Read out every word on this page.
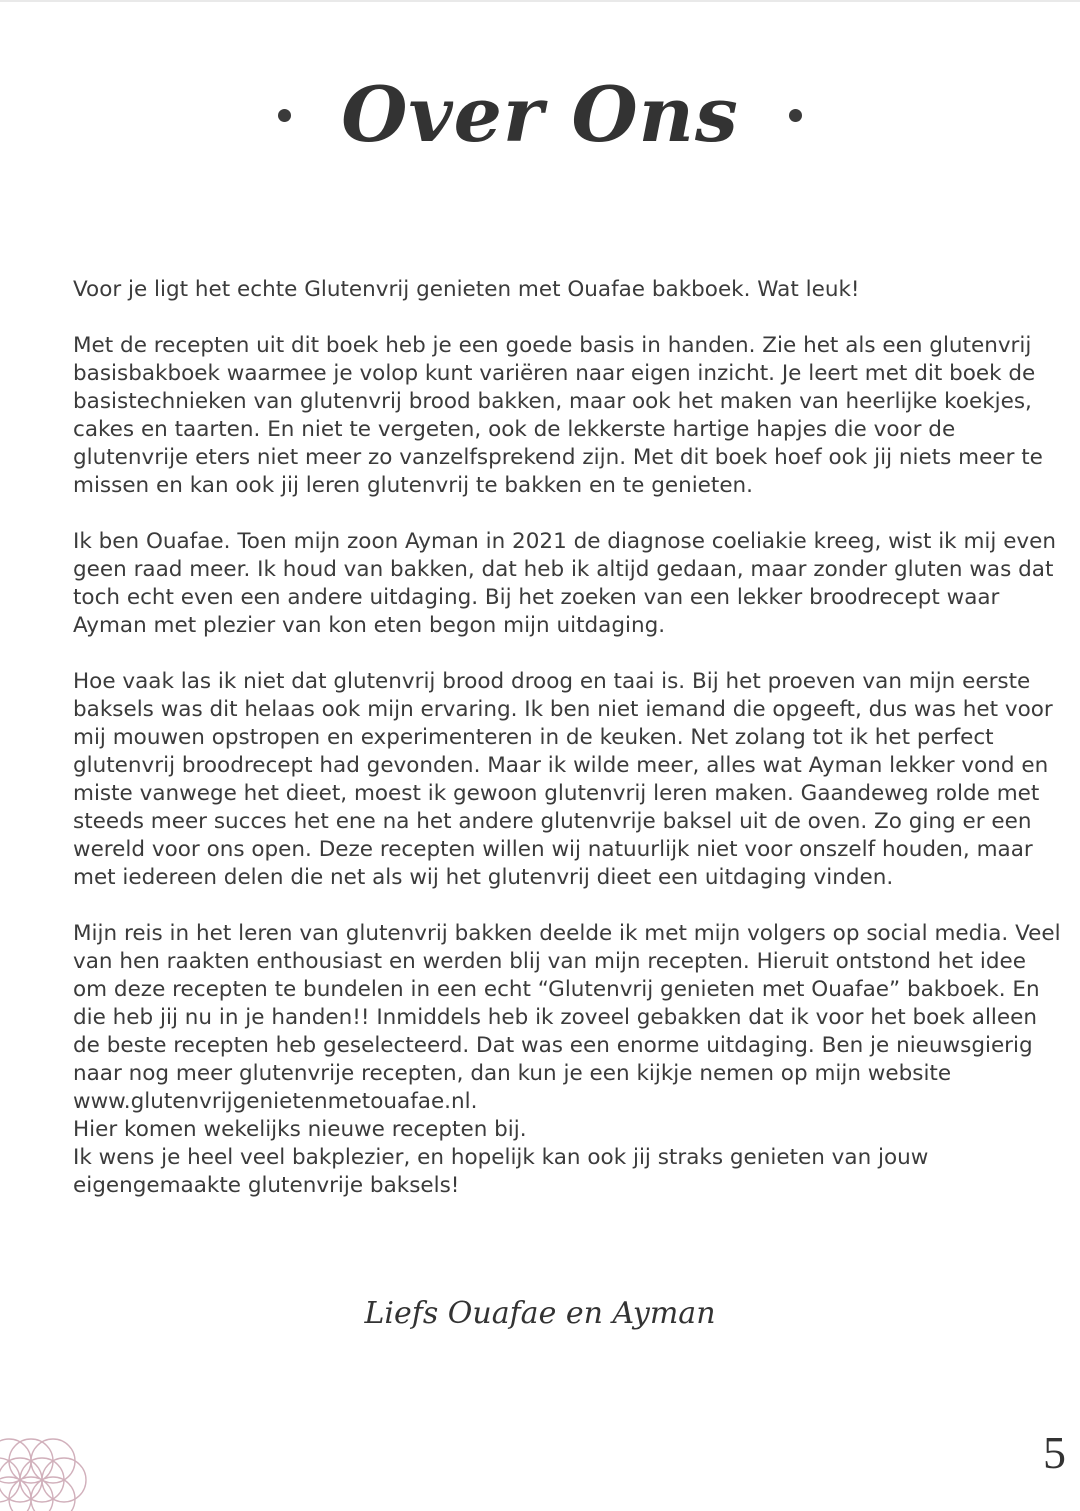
Over Ons

Voor je ligt het echte Glutenvrij genieten met Ouafae bakboek. Wat leuk!

Met de recepten uit dit boek heb je een goede basis in handen. Zie het als een glutenvrij basisbakboek waarmee je volop kunt variëren naar eigen inzicht. Je leert met dit boek de basistechnieken van glutenvrij brood bakken, maar ook het maken van heerlijke koekjes, cakes en taarten. En niet te vergeten, ook de lekkerste hartige hapjes die voor de glutenvrije eters niet meer zo vanzelfsprekend zijn. Met dit boek hoef ook jij niets meer te missen en kan ook jij leren glutenvrij te bakken en te genieten.

Ik ben Ouafae. Toen mijn zoon Ayman in 2021 de diagnose coeliakie kreeg, wist ik mij even geen raad meer. Ik houd van bakken, dat heb ik altijd gedaan, maar zonder gluten was dat toch echt even een andere uitdaging. Bij het zoeken van een lekker broodrecept waar Ayman met plezier van kon eten begon mijn uitdaging.

Hoe vaak las ik niet dat glutenvrij brood droog en taai is. Bij het proeven van mijn eerste baksels was dit helaas ook mijn ervaring. Ik ben niet iemand die opgeeft, dus was het voor mij mouwen opstropen en experimenteren in de keuken. Net zolang tot ik het perfect glutenvrij broodrecept had gevonden. Maar ik wilde meer, alles wat Ayman lekker vond en miste vanwege het dieet, moest ik gewoon glutenvrij leren maken. Gaandeweg rolde met steeds meer succes het ene na het andere glutenvrije baksel uit de oven. Zo ging er een wereld voor ons open. Deze recepten willen wij natuurlijk niet voor onszelf houden, maar met iedereen delen die net als wij het glutenvrij dieet een uitdaging vinden.

Mijn reis in het leren van glutenvrij bakken deelde ik met mijn volgers op social media. Veel van hen raakten enthousiast en werden blij van mijn recepten. Hieruit ontstond het idee om deze recepten te bundelen in een echt “Glutenvrij genieten met Ouafae” bakboek. En die heb jij nu in je handen!! Inmiddels heb ik zoveel gebakken dat ik voor het boek alleen de beste recepten heb geselecteerd. Dat was een enorme uitdaging. Ben je nieuwsgierig naar nog meer glutenvrije recepten, dan kun je een kijkje nemen op mijn website www.glutenvrijgenietenmetouafae.nl.

Hier komen wekelijks nieuwe recepten bij.

Ik wens je heel veel bakplezier, en hopelijk kan ook jij straks genieten van jouw eigengemaakte glutenvrije baksels!

Liefs Ouafae en Ayman
5
